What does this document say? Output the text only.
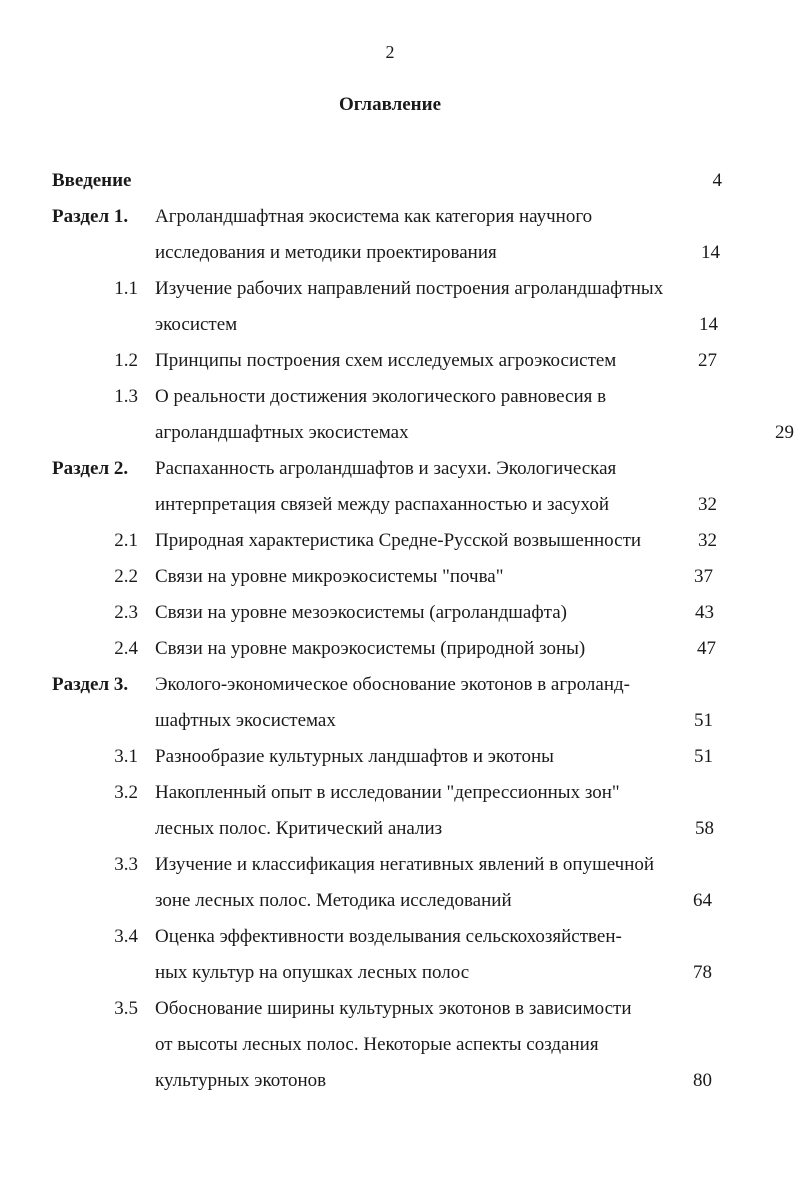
2
Оглавление
Введение	4
Раздел 1. Агроландшафтная экосистема как категория научного
исследования и методики проектирования	14
1.1 Изучение рабочих направлений построения агроландшафтных
экосистем	14
1.2 Принципы построения схем исследуемых агроэкосистем	27
1.3 О реальности достижения экологического равновесия в
агроландшафтных экосистемах	29
Раздел 2. Распаханность агроландшафтов и засухи. Экологическая
интерпретация связей между распаханностью и засухой	32
2.1 Природная характеристика Средне-Русской возвышенности	32
2.2 Связи на уровне микроэкосистемы "почва"	37
2.3 Связи на уровне мезоэкосистемы (агроландшафта)	43
2.4 Связи на уровне макроэкосистемы (природной зоны)	47
Раздел 3. Эколого-экономическое обоснование экотонов в агроланд-
шафтных экосистемах	51
3.1 Разнообразие культурных ландшафтов и экотоны	51
3.2 Накопленный опыт в исследовании "депрессионных зон"
лесных полос. Критический анализ	58
3.3 Изучение и классификация негативных явлений в опушечной
зоне лесных полос. Методика исследований	64
3.4 Оценка эффективности возделывания сельскохозяйствен-
ных культур на опушках лесных полос	78
3.5 Обоснование ширины культурных экотонов в зависимости
от высоты лесных полос. Некоторые аспекты создания
культурных экотонов	80
